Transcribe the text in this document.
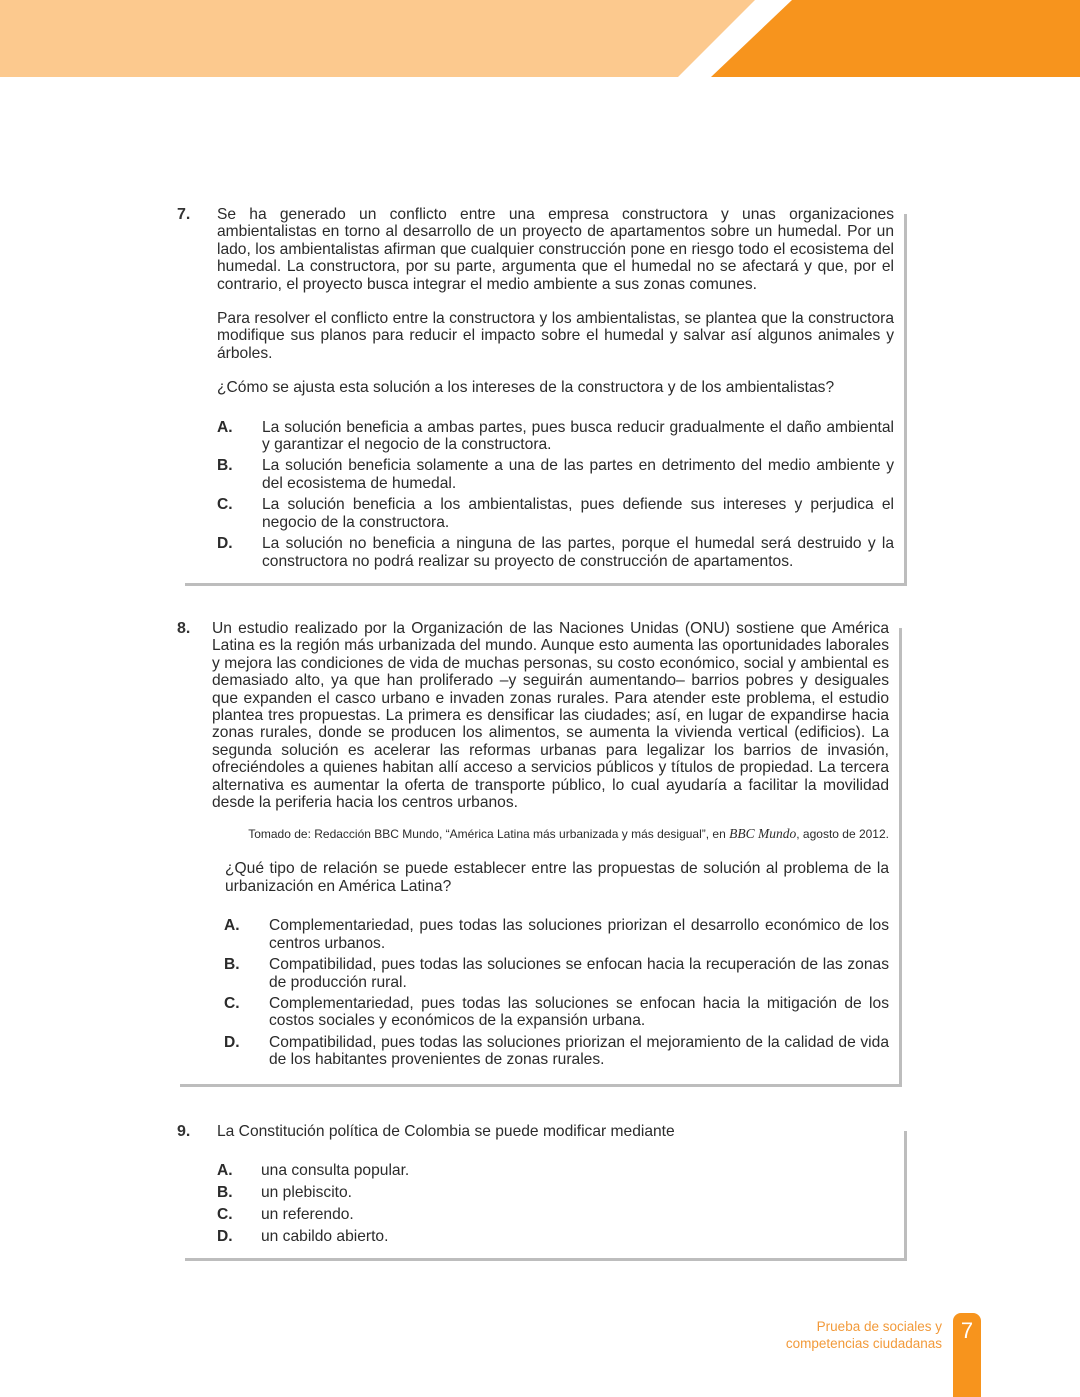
7. Se ha generado un conflicto entre una empresa constructora y unas organizaciones ambientalistas en torno al desarrollo de un proyecto de apartamentos sobre un humedal. Por un lado, los ambientalistas afirman que cualquier construcción pone en riesgo todo el ecosistema del humedal. La constructora, por su parte, argumenta que el humedal no se afectará y que, por el contrario, el proyecto busca integrar el medio ambiente a sus zonas comunes.

Para resolver el conflicto entre la constructora y los ambientalistas, se plantea que la constructora modifique sus planos para reducir el impacto sobre el humedal y salvar así algunos animales y árboles.

¿Cómo se ajusta esta solución a los intereses de la constructora y de los ambientalistas?

A. La solución beneficia a ambas partes, pues busca reducir gradualmente el daño ambiental y garantizar el negocio de la constructora.
B. La solución beneficia solamente a una de las partes en detrimento del medio ambiente y del ecosistema de humedal.
C. La solución beneficia a los ambientalistas, pues defiende sus intereses y perjudica el negocio de la constructora.
D. La solución no beneficia a ninguna de las partes, porque el humedal será destruido y la constructora no podrá realizar su proyecto de construcción de apartamentos.
8. Un estudio realizado por la Organización de las Naciones Unidas (ONU) sostiene que América Latina es la región más urbanizada del mundo. Aunque esto aumenta las oportunidades laborales y mejora las condiciones de vida de muchas personas, su costo económico, social y ambiental es demasiado alto, ya que han proliferado –y seguirán aumentando– barrios pobres y desiguales que expanden el casco urbano e invaden zonas rurales. Para atender este problema, el estudio plantea tres propuestas. La primera es densificar las ciudades; así, en lugar de expandirse hacia zonas rurales, donde se producen los alimentos, se aumenta la vivienda vertical (edificios). La segunda solución es acelerar las reformas urbanas para legalizar los barrios de invasión, ofreciéndoles a quienes habitan allí acceso a servicios públicos y títulos de propiedad. La tercera alternativa es aumentar la oferta de transporte público, lo cual ayudaría a facilitar la movilidad desde la periferia hacia los centros urbanos.

Tomado de: Redacción BBC Mundo, “América Latina más urbanizada y más desigual”, en BBC Mundo, agosto de 2012.

¿Qué tipo de relación se puede establecer entre las propuestas de solución al problema de la urbanización en América Latina?

A. Complementariedad, pues todas las soluciones priorizan el desarrollo económico de los centros urbanos.
B. Compatibilidad, pues todas las soluciones se enfocan hacia la recuperación de las zonas de producción rural.
C. Complementariedad, pues todas las soluciones se enfocan hacia la mitigación de los costos sociales y económicos de la expansión urbana.
D. Compatibilidad, pues todas las soluciones priorizan el mejoramiento de la calidad de vida de los habitantes provenientes de zonas rurales.
9. La Constitución política de Colombia se puede modificar mediante

A. una consulta popular.
B. un plebiscito.
C. un referendo.
D. un cabildo abierto.
Prueba de sociales y
competencias ciudadanas
7
